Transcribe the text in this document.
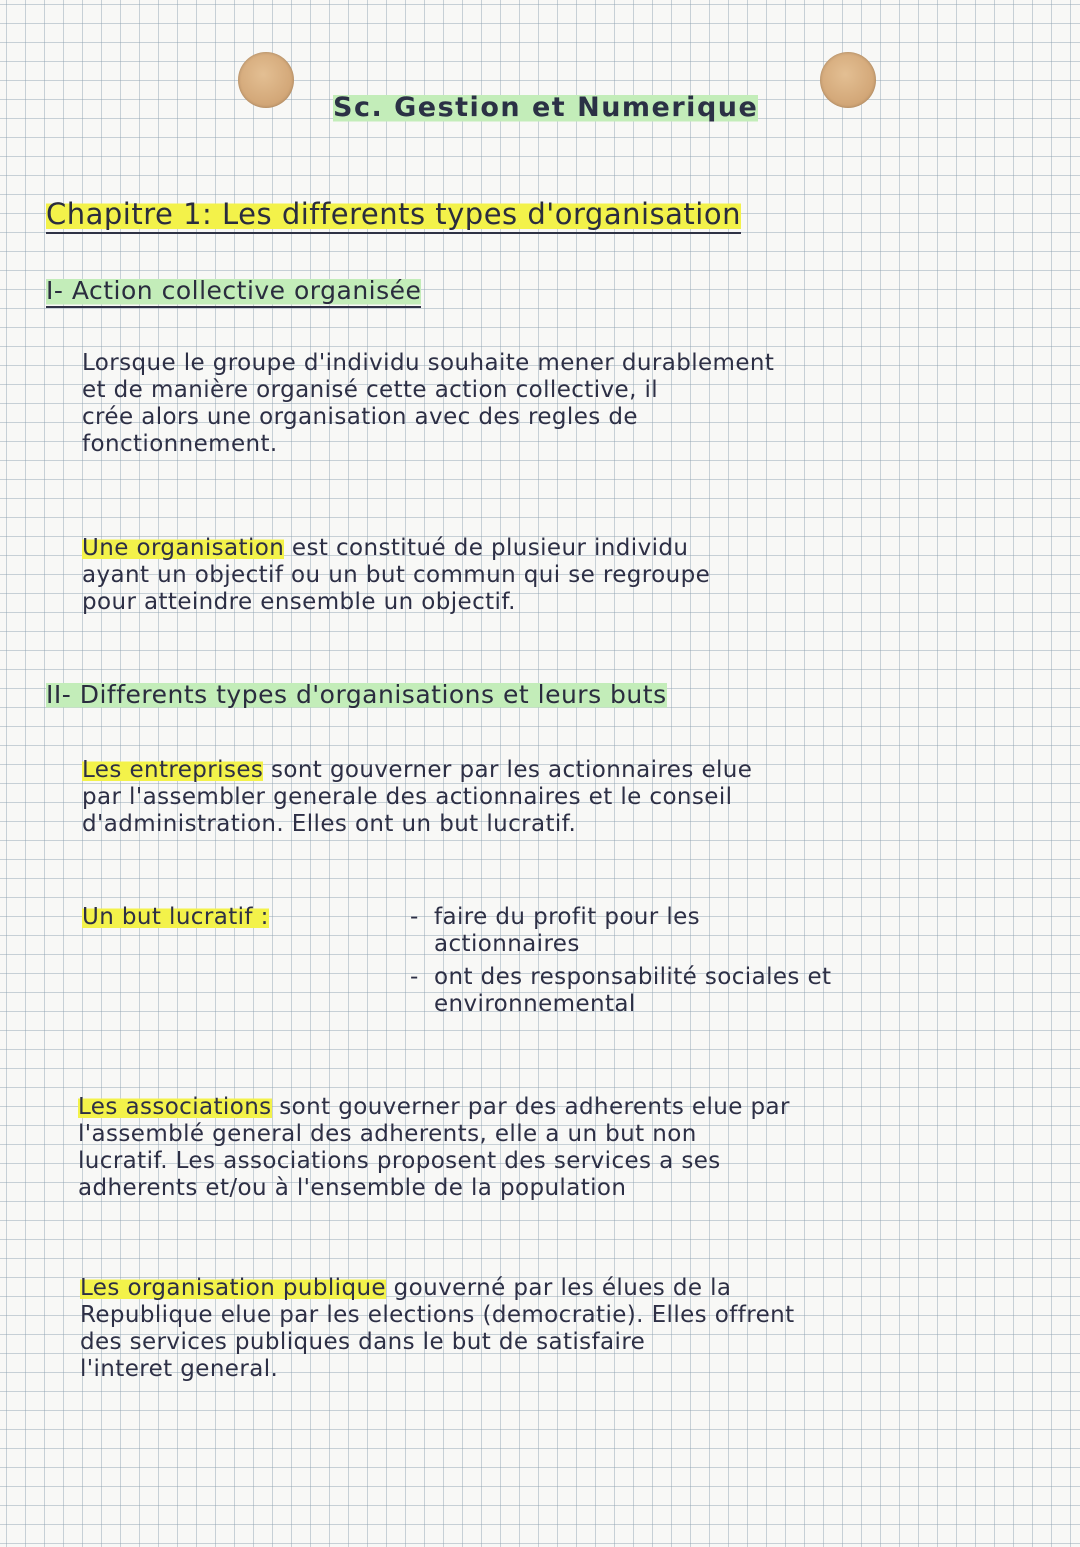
Sc. Gestion et Numerique
Chapitre 1: Les differents types d'organisation
I- Action collective organisée

Lorsque le groupe d'individu souhaite mener durablement
et de manière organisé cette action collective, il
crée alors une organisation avec des regles de
fonctionnement.

Une organisation est constitué de plusieur individu
ayant un objectif ou un but commun qui se regroupe
pour atteindre ensemble un objectif.

II- Differents types d'organisations et leurs buts

Les entreprises sont gouverner par les actionnaires elue
par l'assembler generale des actionnaires et le conseil
d'administration. Elles ont un but lucratif.

Un but lucratif :

-	faire du profit pour les
actionnaires
- ont des responsabilité sociales et
environnemental

Les associations sont gouverner par des adherents elue par
l'assemblé general des adherents, elle a un but non
lucratif. Les associations proposent des services a ses
adherents et/ou à l'ensemble de la population

Les organisation publique gouverné par les élues de la
Republique elue par les elections (democratie). Elles offrent
des services publiques dans le but de satisfaire
l'interet general.
